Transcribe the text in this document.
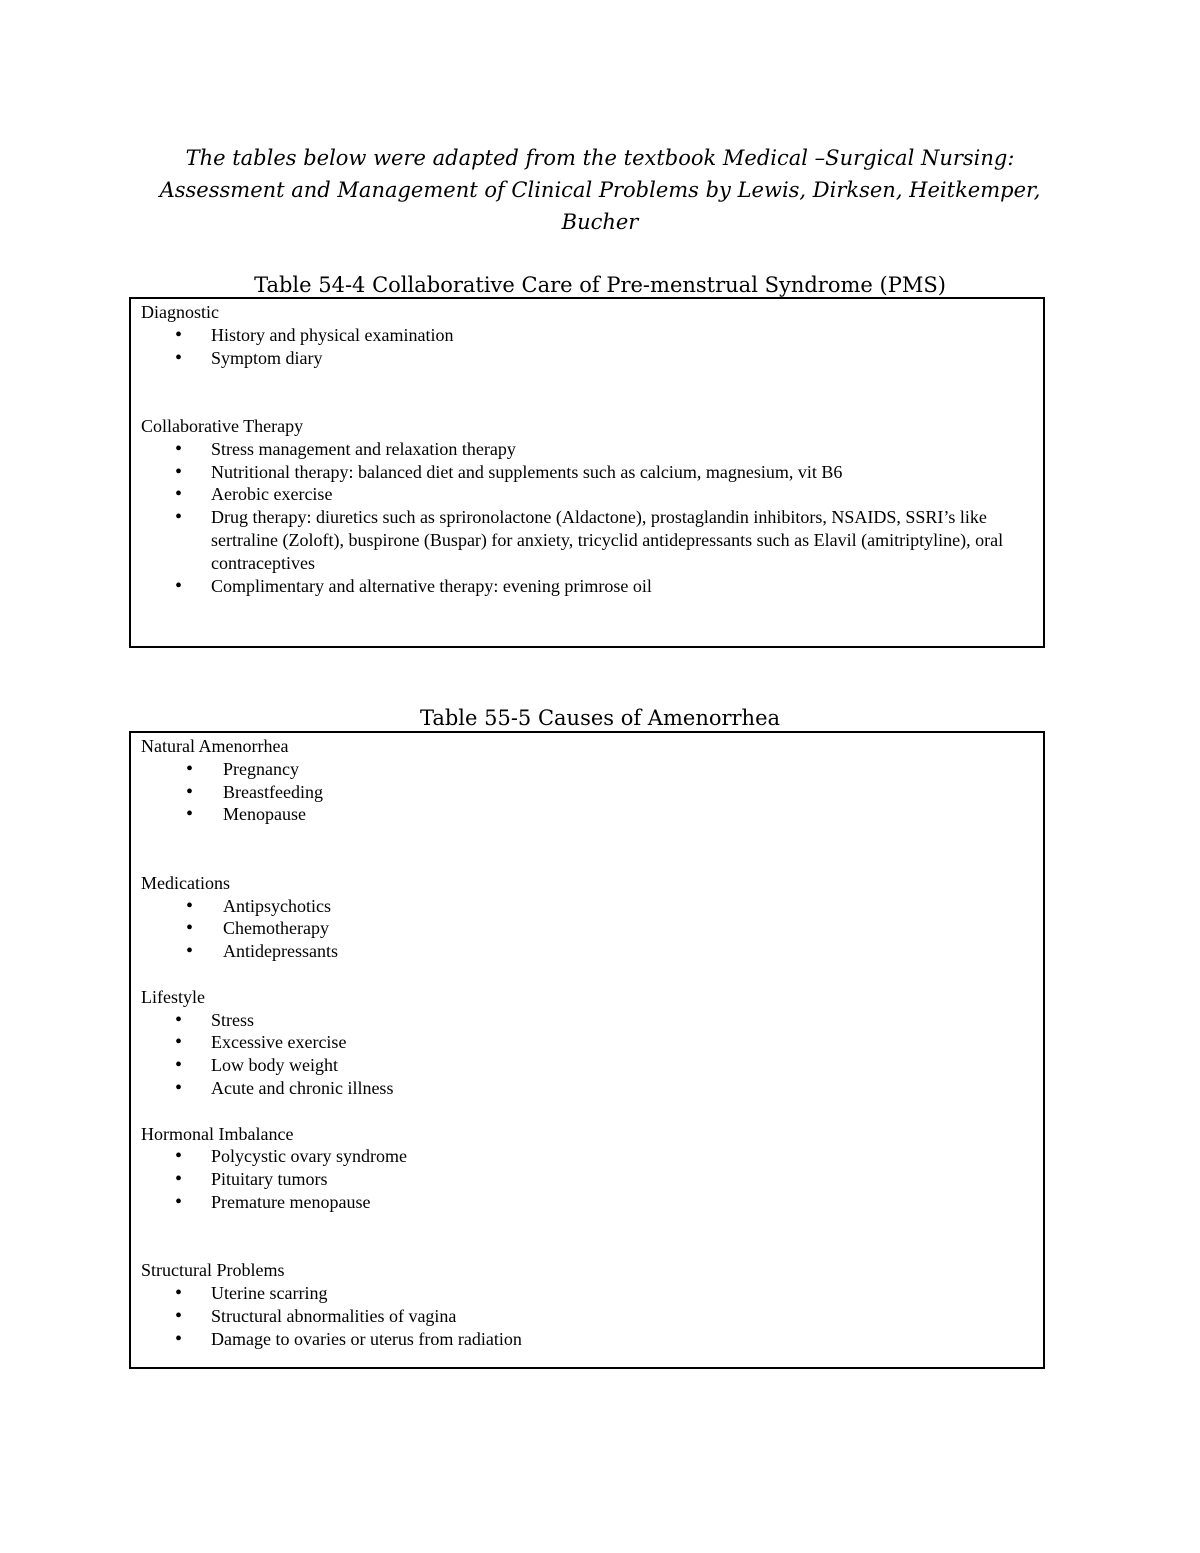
The tables below were adapted from the textbook Medical –Surgical Nursing:
Assessment and Management of Clinical Problems by Lewis, Dirksen, Heitkemper,
Bucher
Table 54-4 Collaborative Care of Pre-menstrual Syndrome (PMS)
Diagnostic
• History and physical examination
• Symptom diary
Collaborative Therapy
• Stress management and relaxation therapy
• Nutritional therapy: balanced diet and supplements such as calcium, magnesium, vit B6
• Aerobic exercise
• Drug therapy: diuretics such as sprironolactone (Aldactone), prostaglandin inhibitors, NSAIDS, SSRI’s like sertraline (Zoloft), buspirone (Buspar) for anxiety, tricyclid antidepressants such as Elavil (amitriptyline), oral contraceptives
• Complimentary and alternative therapy: evening primrose oil
Table 55-5 Causes of Amenorrhea
Natural Amenorrhea
• Pregnancy
• Breastfeeding
• Menopause
Medications
• Antipsychotics
• Chemotherapy
• Antidepressants
Lifestyle
• Stress
• Excessive exercise
• Low body weight
• Acute and chronic illness
Hormonal Imbalance
• Polycystic ovary syndrome
• Pituitary tumors
• Premature menopause
Structural Problems
• Uterine scarring
• Structural abnormalities of vagina
• Damage to ovaries or uterus from radiation
